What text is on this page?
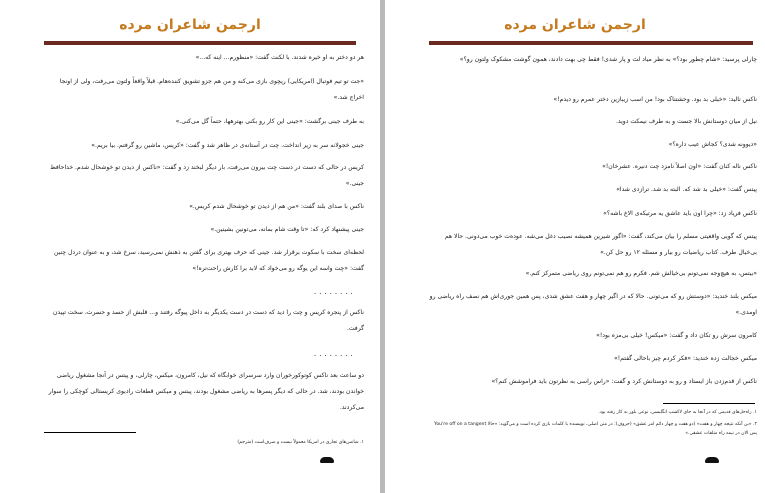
ارجمن شاعران مرده
هر دو دختر به او خیره شدند. با لکنت گفت: «منظورم... اینه که...»
«جت تو تیم فوتبال (امریکایی) ریچوی بازی می‌کنه و من هم جزو تشویق کننده‌هام. قبلاً واقعاً ولتون می‌رفت، ولی از اونجا اخراج شد.»
به طرف جینی برگشت: «جینی این کار رو بکنی بهترهها، حتماً گل می‌کنی.»
جینی خجولانه سر به زیر انداخت. چت در آستانه‌ی در ظاهر شد و گفت: «کریس، ماشین رو گرفتم. بیا بریم.»
کریس در حالی که دست در دست چت بیرون می‌رفت، بار دیگر لبخند زد و گفت: «ناکس از دیدن تو خوشحال شدم. خداحافظ جینی.»
ناکس با صدای بلند گفت: «من هم از دیدن تو خوشحال شدم کریس.»
جینی پیشنهاد کرد که: «تا وقت شام بمانه، می‌تونین بشینین.»
لحظه‌ای سخت با سکوت برقرار شد. جینی که حرف بهتری برای گفتن به ذهنش نمی‌رسید، سرخ شد، و به عنوان دردل چنین گفت: «چت واسه این یوگه رو می‌خواد که لابد برا کارش راحت‌تره!»
........
ناکس از پنجره کریس و چت را دید که دست در دست یکدیگر به داخل پیوگه رفتند و... قلبش از حسد و حسرت، سخت تپیدن گرفت.
........
دو ساعت بعد ناکس کوتوکورخوران وارد سرسرای خوابگاه که نیل، کامرون، میکس، چارلی، و پیتس در آنجا مشغول ریاضی خواندن بودند، شد. در حالی که دیگر پسرها به ریاضی مشغول بودند، پیتس و میکس قطعات رادیوی کریستالی کوچکی را سوار می‌کردند.
۱. شانس‌های تجاری در امریکا معمولاً نیست و صرف‌است (مترجم)
ارجمن شاعران مرده
چارلی پرسید: «شام چطور بود؟» به نظر میاد لث و پار شدی! فقط چی بهت دادند، همون گوشت مشکوک ولتون رو؟»
ناکس نالید: «خیلی بد بود. وحشتناک بود! من اسب زیبازین دختر عمرم رو دیدم!»
نیل از میان دوستانش بالا جست و به طرف نیمکت دوید.
«دیوونه شدی؟ کجاش عیب داره؟»
ناکس ناله کنان گفت: «اون اصلاً نامزد چت دنیره. عشرخان!»
پیتس گفت: «خیلی بد شد که. البته بد شد. ترازدی شدا»
ناکس فریاد زد: «چرا اون باید عاشق یه مرتیکه‌ی الاغ باشه؟»
پیتس که گویی واقعیتی مسلم را بیان می‌کند، گفت: «اگور شیرین همیشه نصیب دغل می‌شه. عوده‌ت خوب می‌دونی. حالا هم بی‌خیال طرف. کتاب ریاضیات رو بیار و مسئله ۱۲ رو حل کن.»
«بیتس، به هیچ‌وجه نمی‌تونم بی‌خیالش شم. فکرم رو هم نمی‌تونم روی ریاضی متمرکز کنم.»
میکس بلند خندید: «دوستش رو که می‌تونی. حالا که در اگیر چهار و هفت عشق شدی، پس همین جوری‌اش هم نصف راه ریاضی رو اومدی.»
کامرون سرش رو تکان داد و گفت: «میکس! خیلی بی‌مزه بود!»
میکس خجالت زده خندید: «فکر کردم چیز باحالی گفتم!»
ناکس از قدم‌زدن باز ایستاد و رو به دوستانش کرد و گفت: «راس راسی به نظرتون باید فراموشش کنم؟»
۱. راه‌حل‌های قدیمی که در آنجا به جای لاکسپ انگلیسی، نوعی بلور به کار رفته بود.
۲. «بن آنکه نتیجه چهار و هفت» (دو هفت و چهار دائم امر عشق» (حروف): در متن اصلی، نویسنده با کلمات بازی کرده است و می‌گوید: «حالا You're off on a tangent پس الان در نیمه راه متلفات عشقی.»
